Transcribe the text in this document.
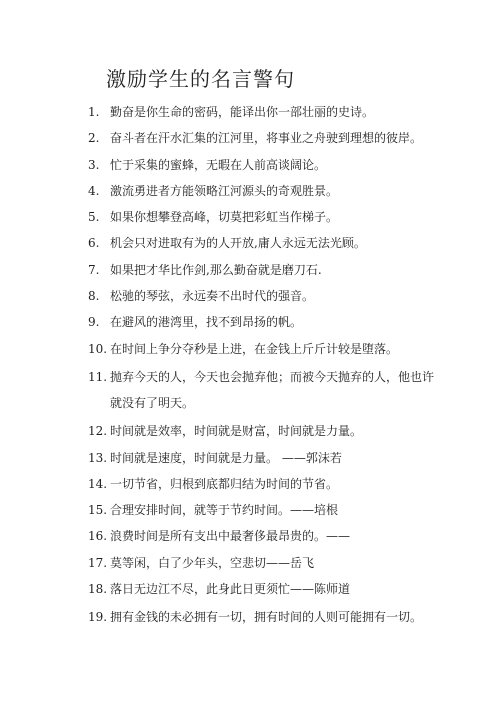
激励学生的名言警句
1. 勤奋是你生命的密码，能译出你一部壮丽的史诗。
2. 奋斗者在汗水汇集的江河里，将事业之舟驶到理想的彼岸。
3. 忙于采集的蜜蜂，无暇在人前高谈阔论。
4. 激流勇进者方能领略江河源头的奇观胜景。
5. 如果你想攀登高峰，切莫把彩虹当作梯子。
6. 机会只对进取有为的人开放,庸人永远无法光顾。
7. 如果把才华比作剑,那么勤奋就是磨刀石.
8. 松驰的琴弦，永远奏不出时代的强音。
9. 在避风的港湾里，找不到昂扬的帆。
10. 在时间上争分夺秒是上进，在金钱上斤斤计较是堕落。
11. 抛弃今天的人，今天也会抛弃他；而被今天抛弃的人，他也许就没有了明天。
12. 时间就是效率，时间就是财富，时间就是力量。
13. 时间就是速度，时间就是力量。 ——郭沫若
14. 一切节省，归根到底都归结为时间的节省。
15. 合理安排时间，就等于节约时间。——培根
16. 浪费时间是所有支出中最奢侈最昂贵的。——
17. 莫等闲，白了少年头，空悲切——岳飞
18. 落日无边江不尽，此身此日更须忙——陈师道
19. 拥有金钱的未必拥有一切，拥有时间的人则可能拥有一切。
